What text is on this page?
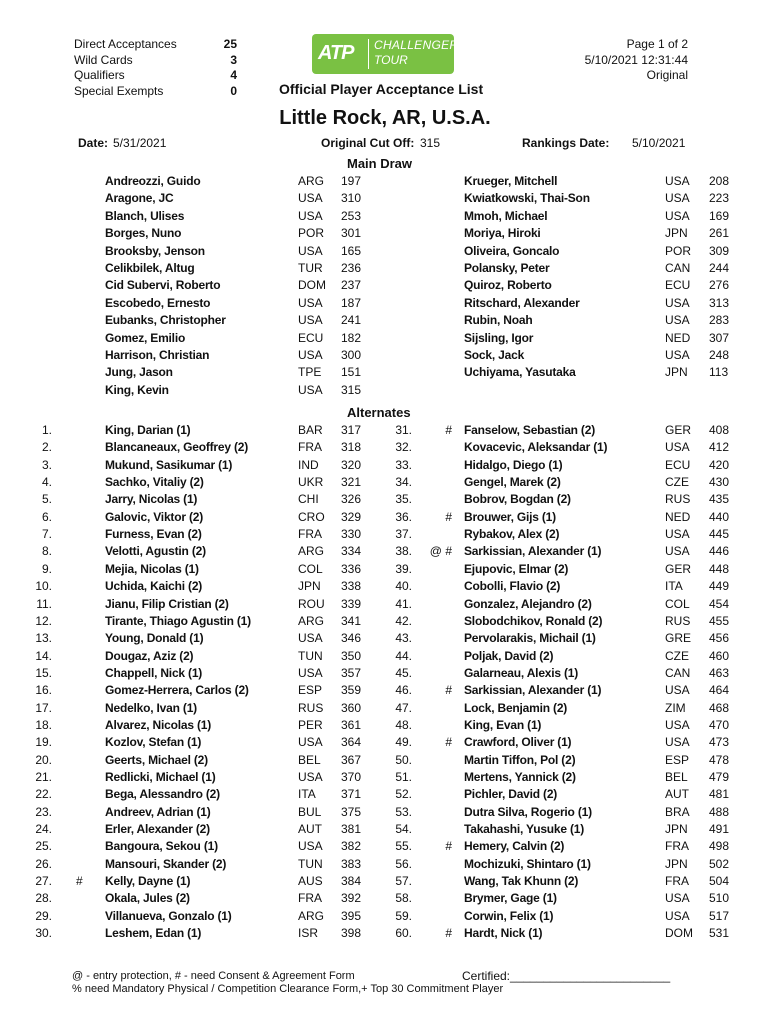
Direct Acceptances	25
Wild Cards	3
Qualifiers	4
Special Exempts	0
ATP CHALLENGER
TOUR
Official Player Acceptance List
Page 1 of 2
5/10/2021 12:31:44
Original
Little Rock, AR, U.S.A.
Date: 5/31/2021	Original Cut Off: 315	Rankings Date: 5/10/2021
Main Draw
Andreozzi, Guido	ARG 197	Krueger, Mitchell	USA 208
Aragone, JC	USA 310	Kwiatkowski, Thai-Son	USA 223
Blanch, Ulises	USA 253	Mmoh, Michael	USA 169
Borges, Nuno	POR 301	Moriya, Hiroki	JPN 261
Brooksby, Jenson	USA 165	Oliveira, Goncalo	POR 309
Celikbilek, Altug	TUR 236	Polansky, Peter	CAN 244
Cid Subervi, Roberto	DOM 237	Quiroz, Roberto	ECU 276
Escobedo, Ernesto	USA 187	Ritschard, Alexander	USA 313
Eubanks, Christopher	USA 241	Rubin, Noah	USA 283
Gomez, Emilio	ECU 182	Sijsling, Igor	NED 307
Harrison, Christian	USA 300	Sock, Jack	USA 248
Jung, Jason	TPE 151	Uchiyama, Yasutaka	JPN 113
King, Kevin	USA 315
Alternates
1.	King, Darian (1)	BAR 317	31.	# Fanselow, Sebastian (2)	GER 408
2.	Blancaneaux, Geoffrey (2)	FRA 318	32.	Kovacevic, Aleksandar (1)	USA 412
3.	Mukund, Sasikumar (1)	IND 320	33.	Hidalgo, Diego (1)	ECU 420
4.	Sachko, Vitaliy (2)	UKR 321	34.	Gengel, Marek (2)	CZE 430
5.	Jarry, Nicolas (1)	CHI 326	35.	Bobrov, Bogdan (2)	RUS 435
6.	Galovic, Viktor (2)	CRO 329	36.	# Brouwer, Gijs (1)	NED 440
7.	Furness, Evan (2)	FRA 330	37.	Rybakov, Alex (2)	USA 445
8.	Velotti, Agustin (2)	ARG 334	38.	@ # Sarkissian, Alexander (1)	USA 446
9.	Mejia, Nicolas (1)	COL 336	39.	Ejupovic, Elmar (2)	GER 448
10.	Uchida, Kaichi (2)	JPN 338	40.	Cobolli, Flavio (2)	ITA 449
11.	Jianu, Filip Cristian (2)	ROU 339	41.	Gonzalez, Alejandro (2)	COL 454
12.	Tirante, Thiago Agustin (1)	ARG 341	42.	Slobodchikov, Ronald (2)	RUS 455
13.	Young, Donald (1)	USA 346	43.	Pervolarakis, Michail (1)	GRE 456
14.	Dougaz, Aziz (2)	TUN 350	44.	Poljak, David (2)	CZE 460
15.	Chappell, Nick (1)	USA 357	45.	Galarneau, Alexis (1)	CAN 463
16.	Gomez-Herrera, Carlos (2)	ESP 359	46.	# Sarkissian, Alexander (1)	USA 464
17.	Nedelko, Ivan (1)	RUS 360	47.	Lock, Benjamin (2)	ZIM 468
18.	Alvarez, Nicolas (1)	PER 361	48.	King, Evan (1)	USA 470
19.	Kozlov, Stefan (1)	USA 364	49.	# Crawford, Oliver (1)	USA 473
20.	Geerts, Michael (2)	BEL 367	50.	Martin Tiffon, Pol (2)	ESP 478
21.	Redlicki, Michael (1)	USA 370	51.	Mertens, Yannick (2)	BEL 479
22.	Bega, Alessandro (2)	ITA 371	52.	Pichler, David (2)	AUT 481
23.	Andreev, Adrian (1)	BUL 375	53.	Dutra Silva, Rogerio (1)	BRA 488
24.	Erler, Alexander (2)	AUT 381	54.	Takahashi, Yusuke (1)	JPN 491
25.	Bangoura, Sekou (1)	USA 382	55.	# Hemery, Calvin (2)	FRA 498
26.	Mansouri, Skander (2)	TUN 383	56.	Mochizuki, Shintaro (1)	JPN 502
27. # Kelly, Dayne (1)	AUS 384	57.	Wang, Tak Khunn (2)	FRA 504
28.	Okala, Jules (2)	FRA 392	58.	Brymer, Gage (1)	USA 510
29.	Villanueva, Gonzalo (1)	ARG 395	59.	Corwin, Felix (1)	USA 517
30.	Leshem, Edan (1)	ISR 398	60.	# Hardt, Nick (1)	DOM 531
@ - entry protection, # - need Consent & Agreement Form
% need Mandatory Physical / Competition Clearance Form,+ Top 30 Commitment Player
Certified:________________________
